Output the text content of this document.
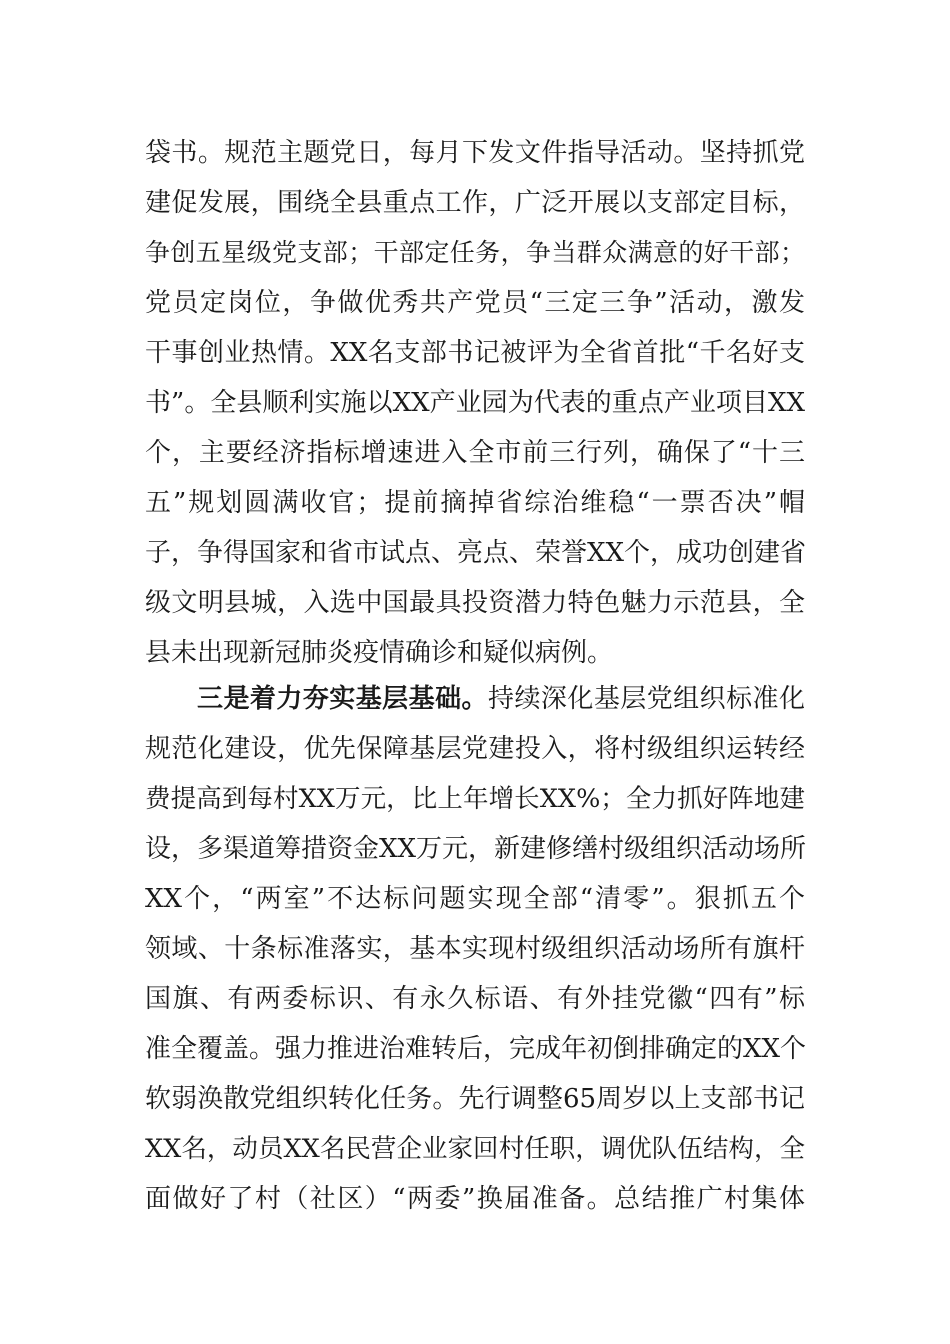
袋书。规范主题党日，每月下发文件指导活动。坚持抓党
建促发展，围绕全县重点工作，广泛开展以支部定目标，
争创五星级党支部；干部定任务，争当群众满意的好干部；
党员定岗位，争做优秀共产党员“三定三争”活动，激发
干事创业热情。XX名支部书记被评为全省首批“千名好支
书”。全县顺利实施以XX产业园为代表的重点产业项目XX
个，主要经济指标增速进入全市前三行列，确保了“十三
五”规划圆满收官；提前摘掉省综治维稳“一票否决”帽
子，争得国家和省市试点、亮点、荣誉XX个，成功创建省
级文明县城，入选中国最具投资潜力特色魅力示范县，全
县未出现新冠肺炎疫情确诊和疑似病例。
三是着力夯实基层基础。持续深化基层党组织标准化
规范化建设，优先保障基层党建投入，将村级组织运转经
费提高到每村XX万元，比上年增长XX%；全力抓好阵地建
设，多渠道筹措资金XX万元，新建修缮村级组织活动场所
XX个，“两室”不达标问题实现全部“清零”。狠抓五个
领域、十条标准落实，基本实现村级组织活动场所有旗杆
国旗、有两委标识、有永久标语、有外挂党徽“四有”标
准全覆盖。强力推进治难转后，完成年初倒排确定的XX个
软弱涣散党组织转化任务。先行调整65周岁以上支部书记
XX名，动员XX名民营企业家回村任职，调优队伍结构，全
面做好了村（社区）“两委”换届准备。总结推广村集体
